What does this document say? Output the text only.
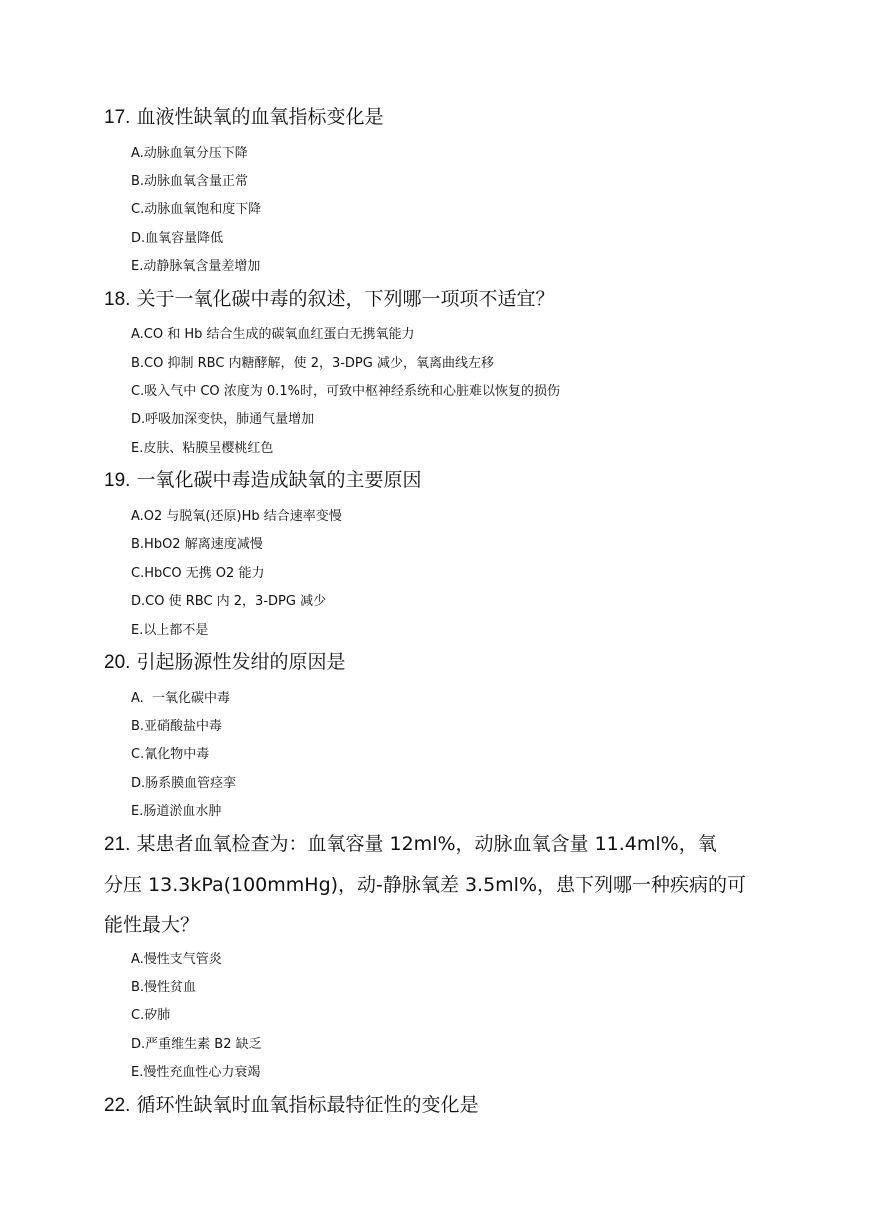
17. 血液性缺氧的血氧指标变化是
A.动脉血氧分压下降
B.动脉血氧含量正常
C.动脉血氧饱和度下降
D.血氧容量降低
E.动静脉氧含量差增加
18. 关于一氧化碳中毒的叙述，下列哪一项项不适宜？
A.CO 和 Hb 结合生成的碳氧血红蛋白无携氧能力
B.CO 抑制 RBC 内糖酵解，使 2，3-DPG 减少，氧离曲线左移
C.吸入气中 CO 浓度为 0.1%时，可致中枢神经系统和心脏难以恢复的损伤
D.呼吸加深变快，肺通气量增加
E.皮肤、粘膜呈樱桃红色
19. 一氧化碳中毒造成缺氧的主要原因
A.O2 与脱氧(还原)Hb 结合速率变慢
B.HbO2 解离速度减慢
C.HbCO 无携 O2 能力
D.CO 使 RBC 内 2，3-DPG 减少
E.以上都不是
20. 引起肠源性发绀的原因是
A.  一氧化碳中毒
B.亚硝酸盐中毒
C.氰化物中毒
D.肠系膜血管痉挛
E.肠道淤血水肿
21. 某患者血氧检查为：血氧容量 12ml%，动脉血氧含量 11.4ml%，氧
分压 13.3kPa(100mmHg)，动-静脉氧差 3.5ml%，患下列哪一种疾病的可
能性最大？
A.慢性支气管炎
B.慢性贫血
C.矽肺
D.严重维生素 B2 缺乏
E.慢性充血性心力衰竭
22. 循环性缺氧时血氧指标最特征性的变化是
